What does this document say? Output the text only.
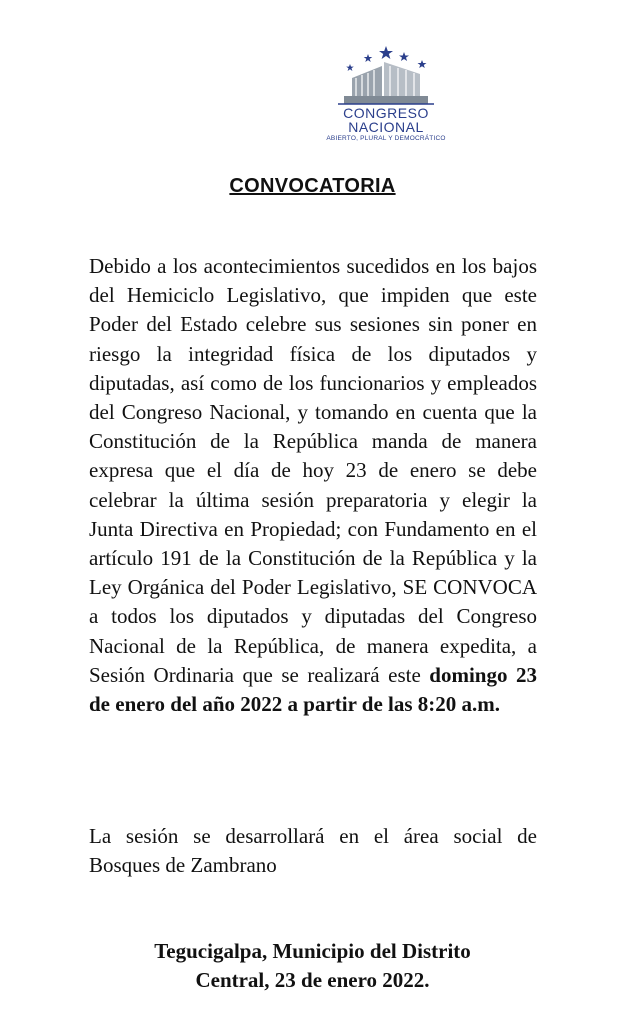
CONGRESO
NACIONAL
ABIERTO, PLURAL Y DEMOCRÁTICO
CONVOCATORIA
Debido a los acontecimientos sucedidos en los bajos del Hemiciclo Legislativo, que impiden que este Poder del Estado celebre sus sesiones sin poner en riesgo la integridad física de los diputados y diputadas, así como de los funcionarios y empleados del Congreso Nacional, y tomando en cuenta que la Constitución de la República manda de manera expresa que el día de hoy 23 de enero se debe celebrar la última sesión preparatoria y elegir la Junta Directiva en Propiedad; con Fundamento en el artículo 191 de la Constitución de la República y la Ley Orgánica del Poder Legislativo, SE CONVOCA a todos los diputados y diputadas del Congreso Nacional de la República, de manera expedita, a Sesión Ordinaria que se realizará este domingo 23 de enero del año 2022 a partir de las 8:20 a.m.
La sesión se desarrollará en el área social de Bosques de Zambrano
Tegucigalpa, Municipio del Distrito
Central, 23 de enero 2022.
